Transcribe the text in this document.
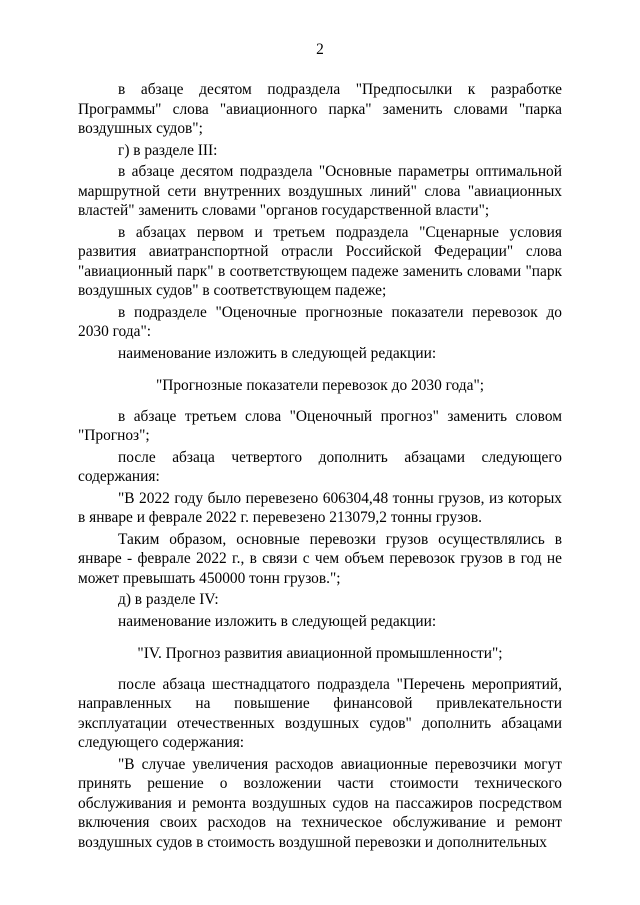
2

в абзаце десятом подраздела "Предпосылки к разработке Программы" слова "авиационного парка" заменить словами "парка воздушных судов";

г) в разделе III:

в абзаце десятом подраздела "Основные параметры оптимальной маршрутной сети внутренних воздушных линий" слова "авиационных властей" заменить словами "органов государственной власти";

в абзацах первом и третьем подраздела "Сценарные условия развития авиатранспортной отрасли Российской Федерации" слова "авиационный парк" в соответствующем падеже заменить словами "парк воздушных судов" в соответствующем падеже;

в подразделе "Оценочные прогнозные показатели перевозок до 2030 года":

наименование изложить в следующей редакции:

"Прогнозные показатели перевозок до 2030 года";

в абзаце третьем слова "Оценочный прогноз" заменить словом "Прогноз";

после абзаца четвертого дополнить абзацами следующего содержания:

"В 2022 году было перевезено 606304,48 тонны грузов, из которых в январе и феврале 2022 г. перевезено 213079,2 тонны грузов.

Таким образом, основные перевозки грузов осуществлялись в январе - феврале 2022 г., в связи с чем объем перевозок грузов в год не может превышать 450000 тонн грузов.";

д) в разделе IV:

наименование изложить в следующей редакции:

"IV. Прогноз развития авиационной промышленности";

после абзаца шестнадцатого подраздела "Перечень мероприятий, направленных на повышение финансовой привлекательности эксплуатации отечественных воздушных судов" дополнить абзацами следующего содержания:

"В случае увеличения расходов авиационные перевозчики могут принять решение о возложении части стоимости технического обслуживания и ремонта воздушных судов на пассажиров посредством включения своих расходов на техническое обслуживание и ремонт воздушных судов в стоимость воздушной перевозки и дополнительных
